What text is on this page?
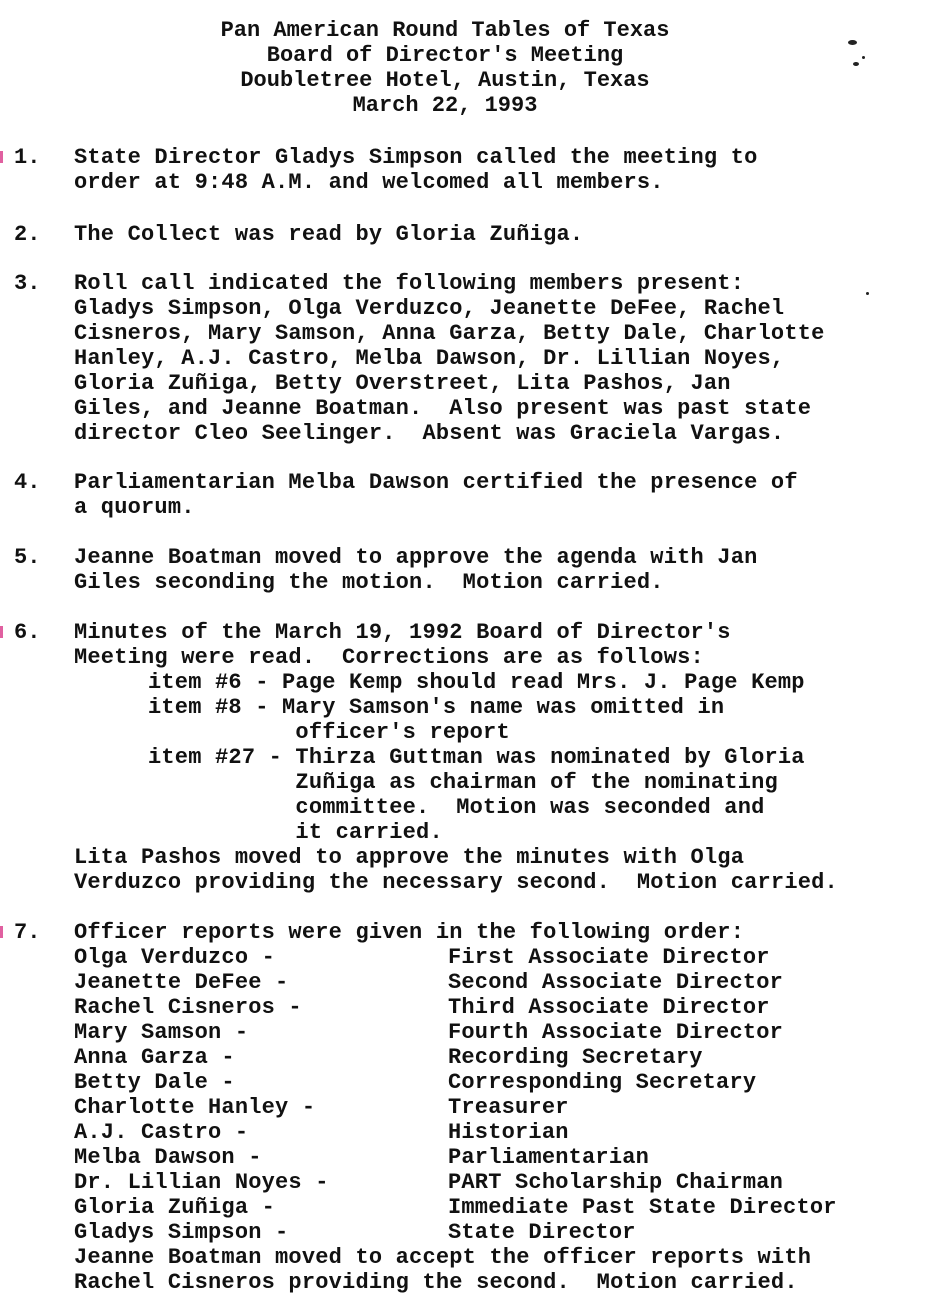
Pan American Round Tables of Texas
Board of Director's Meeting
Doubletree Hotel, Austin, Texas
March 22, 1993
1. State Director Gladys Simpson called the meeting to
order at 9:48 A.M. and welcomed all members.
2. The Collect was read by Gloria Zuñiga.
3. Roll call indicated the following members present:
Gladys Simpson, Olga Verduzco, Jeanette DeFee, Rachel
Cisneros, Mary Samson, Anna Garza, Betty Dale, Charlotte
Hanley, A.J. Castro, Melba Dawson, Dr. Lillian Noyes,
Gloria Zuñiga, Betty Overstreet, Lita Pashos, Jan
Giles, and Jeanne Boatman.  Also present was past state
director Cleo Seelinger.  Absent was Graciela Vargas.
4. Parliamentarian Melba Dawson certified the presence of
a quorum.
5. Jeanne Boatman moved to approve the agenda with Jan
Giles seconding the motion.  Motion carried.
6. Minutes of the March 19, 1992 Board of Director's
Meeting were read.  Corrections are as follows:
item #6 - Page Kemp should read Mrs. J. Page Kemp
item #8 - Mary Samson's name was omitted in
officer's report
item #27 - Thirza Guttman was nominated by Gloria
Zuñiga as chairman of the nominating
committee.  Motion was seconded and
it carried.
Lita Pashos moved to approve the minutes with Olga
Verduzco providing the necessary second.  Motion carried.
7. Officer reports were given in the following order:
Olga Verduzco -	First Associate Director
Jeanette DeFee -	Second Associate Director
Rachel Cisneros -	Third Associate Director
Mary Samson -	Fourth Associate Director
Anna Garza -	Recording Secretary
Betty Dale -	Corresponding Secretary
Charlotte Hanley -	Treasurer
A.J. Castro -	Historian
Melba Dawson -	Parliamentarian
Dr. Lillian Noyes -	PART Scholarship Chairman
Gloria Zuñiga -	Immediate Past State Director
Gladys Simpson -	State Director
Jeanne Boatman moved to accept the officer reports with
Rachel Cisneros providing the second.  Motion carried.
